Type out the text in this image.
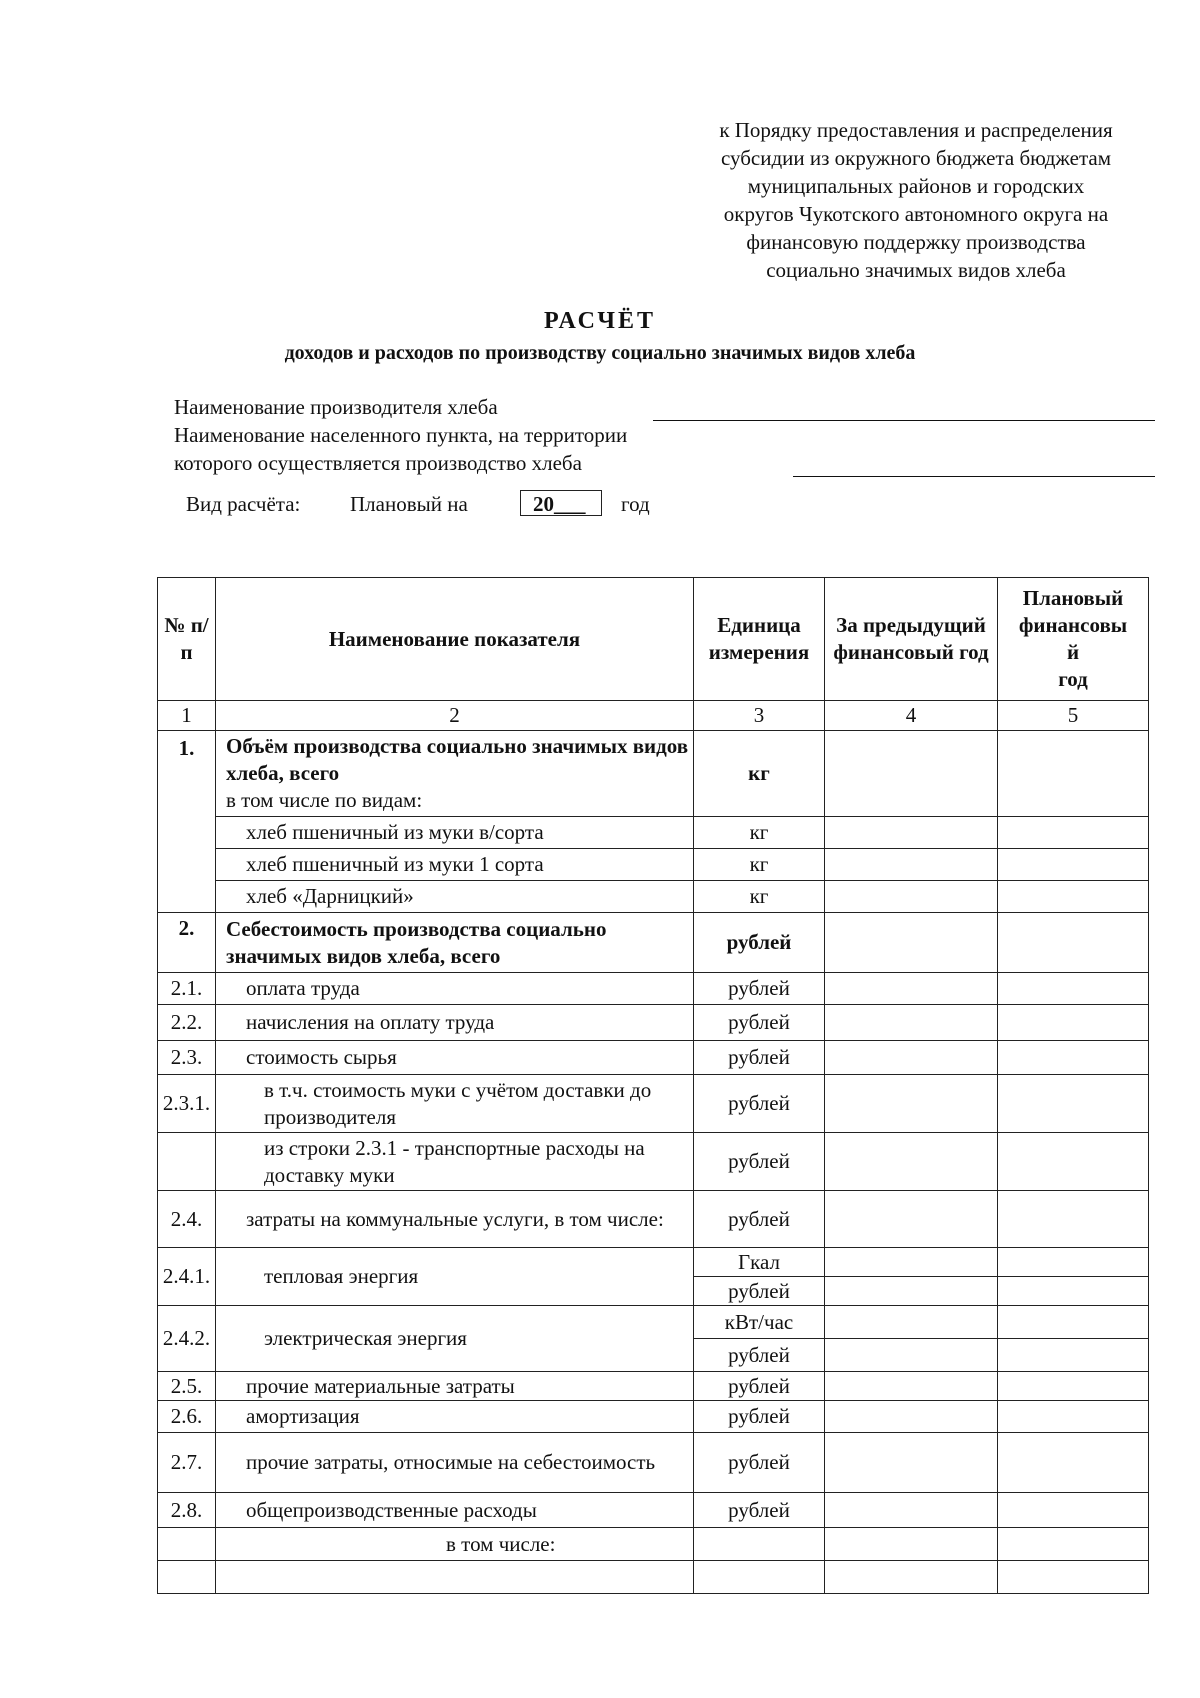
к Порядку предоставления и распределения
субсидии из окружного бюджета бюджетам
муниципальных районов и городских
округов Чукотского автономного округа на
финансовую поддержку производства
социально значимых видов хлеба
РАСЧЁТ
доходов и расходов по производству социально значимых видов хлеба
Наименование производителя хлеба
Наименование населенного пункта, на территории
которого осуществляется производство хлеба
Вид расчёта: Плановый на	20___	год
№ п/п	Наименование показателя	Единица измерения	За предыдущий финансовый год	Плановый финансовы
й
год

1	2	3	4	5
1.	Объём производства социально значимых видов хлеба, всего
в том числе по видам:	кг		
	хлеб пшеничный из муки в/сорта	кг		
	хлеб пшеничный из муки 1 сорта	кг		
	хлеб «Дарницкий»	кг		
2.	Себестоимость производства социально значимых видов хлеба, всего	рублей		
2.1.	оплата труда	рублей		
2.2.	начисления на оплату труда	рублей		
2.3.	стоимость сырья	рублей		
2.3.1.	в т.ч. стоимость муки с учётом доставки до производителя	рублей		
	из строки 2.3.1 - транспортные расходы на доставку муки	рублей		
2.4.	затраты на коммунальные услуги, в том числе:	рублей		
2.4.1.	тепловая энергия	Гкал		
		рублей		
2.4.2.	электрическая энергия	кВт/час		
		рублей		
2.5.	прочие материальные затраты	рублей		
2.6.	амортизация	рублей		
2.7.	прочие затраты, относимые на себестоимость	рублей		
2.8.	общепроизводственные расходы	рублей		
	в том числе:			
